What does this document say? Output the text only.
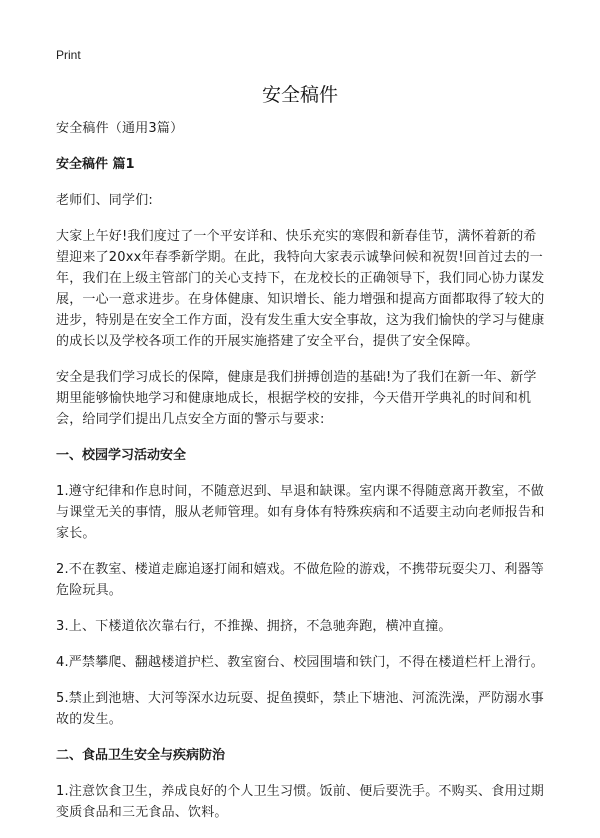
Print
安全稿件

安全稿件（通用3篇）

安全稿件 篇1

老师们、同学们:

大家上午好!我们度过了一个平安详和、快乐充实的寒假和新春佳节，满怀着新的希望迎来了20xx年春季新学期。在此，我特向大家表示诚挚问候和祝贺!回首过去的一年，我们在上级主管部门的关心支持下，在龙校长的正确领导下，我们同心协力谋发展，一心一意求进步。在身体健康、知识增长、能力增强和提高方面都取得了较大的进步，特别是在安全工作方面，没有发生重大安全事故，这为我们愉快的学习与健康的成长以及学校各项工作的开展实施搭建了安全平台，提供了安全保障。

安全是我们学习成长的保障，健康是我们拼搏创造的基础!为了我们在新一年、新学期里能够愉快地学习和健康地成长，根据学校的安排，今天借开学典礼的时间和机会，给同学们提出几点安全方面的警示与要求:

一、校园学习活动安全

1.遵守纪律和作息时间，不随意迟到、早退和缺课。室内课不得随意离开教室，不做与课堂无关的事情，服从老师管理。如有身体有特殊疾病和不适要主动向老师报告和家长。

2.不在教室、楼道走廊追逐打闹和嬉戏。不做危险的游戏，不携带玩耍尖刀、利器等危险玩具。

3.上、下楼道依次靠右行，不推操、拥挤，不急驰奔跑，横冲直撞。

4.严禁攀爬、翻越楼道护栏、教室窗台、校园围墙和铁门，不得在楼道栏杆上滑行。

5.禁止到池塘、大河等深水边玩耍、捉鱼摸虾，禁止下塘池、河流洗澡，严防溺水事故的发生。

二、食品卫生安全与疾病防治

1.注意饮食卫生，养成良好的个人卫生习惯。饭前、便后要洗手。不购买、食用过期变质食品和三无食品、饮料。
